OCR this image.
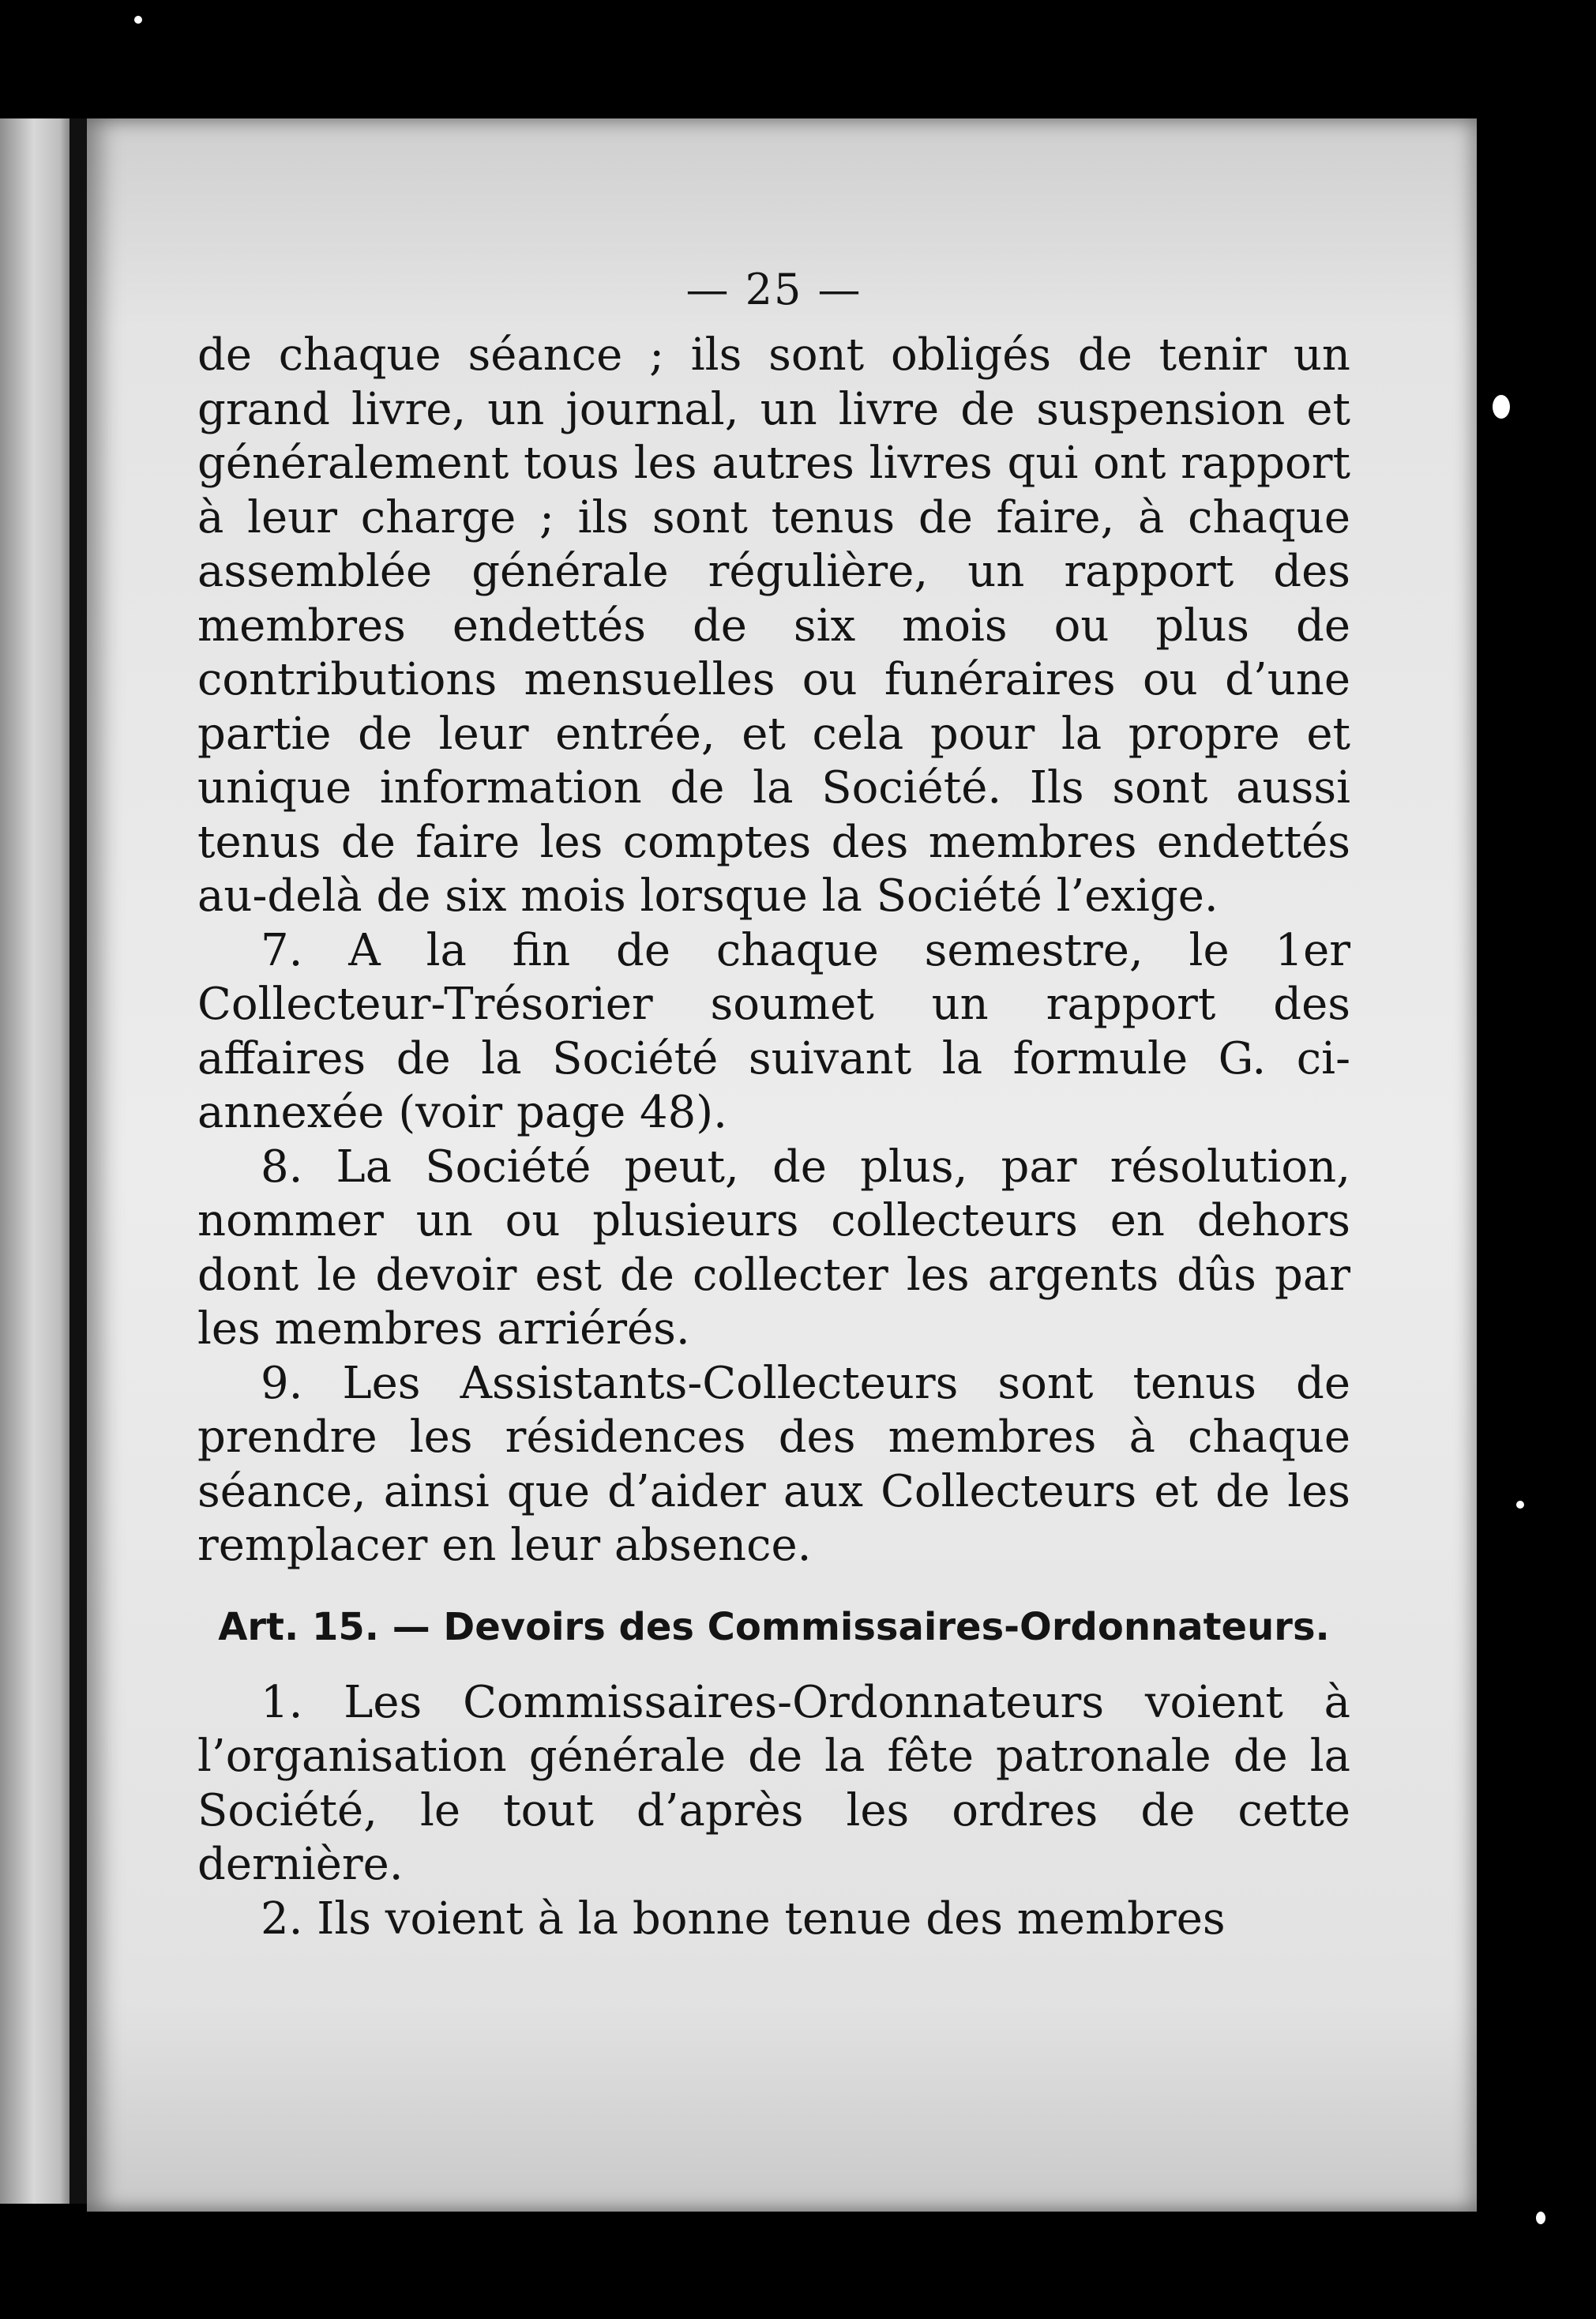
— 25 —

de chaque séance ; ils sont obligés de tenir un grand livre, un journal, un livre de suspension et généralement tous les autres livres qui ont rapport à leur charge ; ils sont tenus de faire, à chaque assemblée générale régulière, un rapport des membres endettés de six mois ou plus de contributions mensuelles ou funéraires ou d’une partie de leur entrée, et cela pour la propre et unique information de la Société. Ils sont aussi tenus de faire les comptes des membres endettés au-delà de six mois lorsque la Société l’exige.

7. A la fin de chaque semestre, le 1er Collecteur-Trésorier soumet un rapport des affaires de la Société suivant la formule G. ci-annexée (voir page 48).

8. La Société peut, de plus, par résolution, nommer un ou plusieurs collecteurs en dehors dont le devoir est de collecter les argents dûs par les membres arriérés.

9. Les Assistants-Collecteurs sont tenus de prendre les résidences des membres à chaque séance, ainsi que d’aider aux Collecteurs et de les remplacer en leur absence.

Art. 15. — Devoirs des Commissaires-Ordonnateurs.

1. Les Commissaires-Ordonnateurs voient à l’organisation générale de la fête patronale de la Société, le tout d’après les ordres de cette dernière.

2. Ils voient à la bonne tenue des membres
